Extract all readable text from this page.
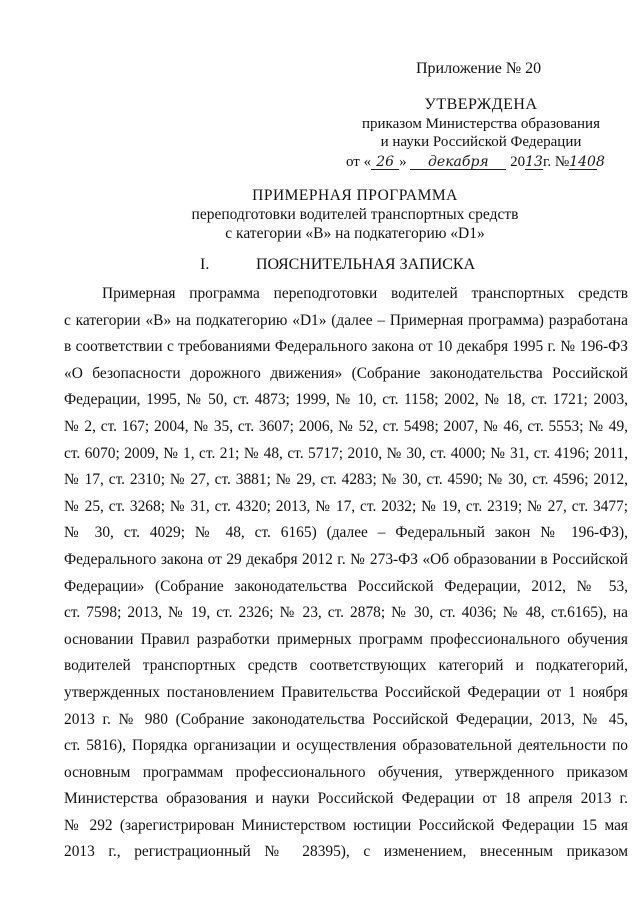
Приложение № 20
УТВЕРЖДЕНА
приказом Министерства образования
и науки Российской Федерации
от « 26 » декабря 2013г. №1408
ПРИМЕРНАЯ ПРОГРАММА
переподготовки водителей транспортных средств
с категории «B» на подкатегорию «D1»
I.	ПОЯСНИТЕЛЬНАЯ ЗАПИСКА
Примерная программа переподготовки водителей транспортных средств
с категории «B» на подкатегорию «D1» (далее – Примерная программа) разработана
в соответствии с требованиями Федерального закона от 10 декабря 1995 г. № 196-ФЗ
«О безопасности дорожного движения» (Собрание законодательства Российской
Федерации, 1995, № 50, ст. 4873; 1999, № 10, ст. 1158; 2002, № 18, ст. 1721; 2003,
№ 2, ст. 167; 2004, № 35, ст. 3607; 2006, № 52, ст. 5498; 2007, № 46, ст. 5553; № 49,
ст. 6070; 2009, № 1, ст. 21; № 48, ст. 5717; 2010, № 30, ст. 4000; № 31, ст. 4196; 2011,
№ 17, ст. 2310; № 27, ст. 3881; № 29, ст. 4283; № 30, ст. 4590; № 30, ст. 4596; 2012,
№ 25, ст. 3268; № 31, ст. 4320; 2013, № 17, ст. 2032; № 19, ст. 2319; № 27, ст. 3477;
№ 30, ст. 4029; № 48, ст. 6165) (далее – Федеральный закон № 196-ФЗ),
Федерального закона от 29 декабря 2012 г. № 273-ФЗ «Об образовании в Российской
Федерации» (Собрание законодательства Российской Федерации, 2012, № 53,
ст. 7598; 2013, № 19, ст. 2326; № 23, ст. 2878; № 30, ст. 4036; № 48, ст.6165), на
основании Правил разработки примерных программ профессионального обучения
водителей транспортных средств соответствующих категорий и подкатегорий,
утвержденных постановлением Правительства Российской Федерации от 1 ноября
2013 г. № 980 (Собрание законодательства Российской Федерации, 2013, № 45,
ст. 5816), Порядка организации и осуществления образовательной деятельности по
основным программам профессионального обучения, утвержденного приказом
Министерства образования и науки Российской Федерации от 18 апреля 2013 г.
№ 292 (зарегистрирован Министерством юстиции Российской Федерации 15 мая
2013 г., регистрационный № 28395), с изменением, внесенным приказом
